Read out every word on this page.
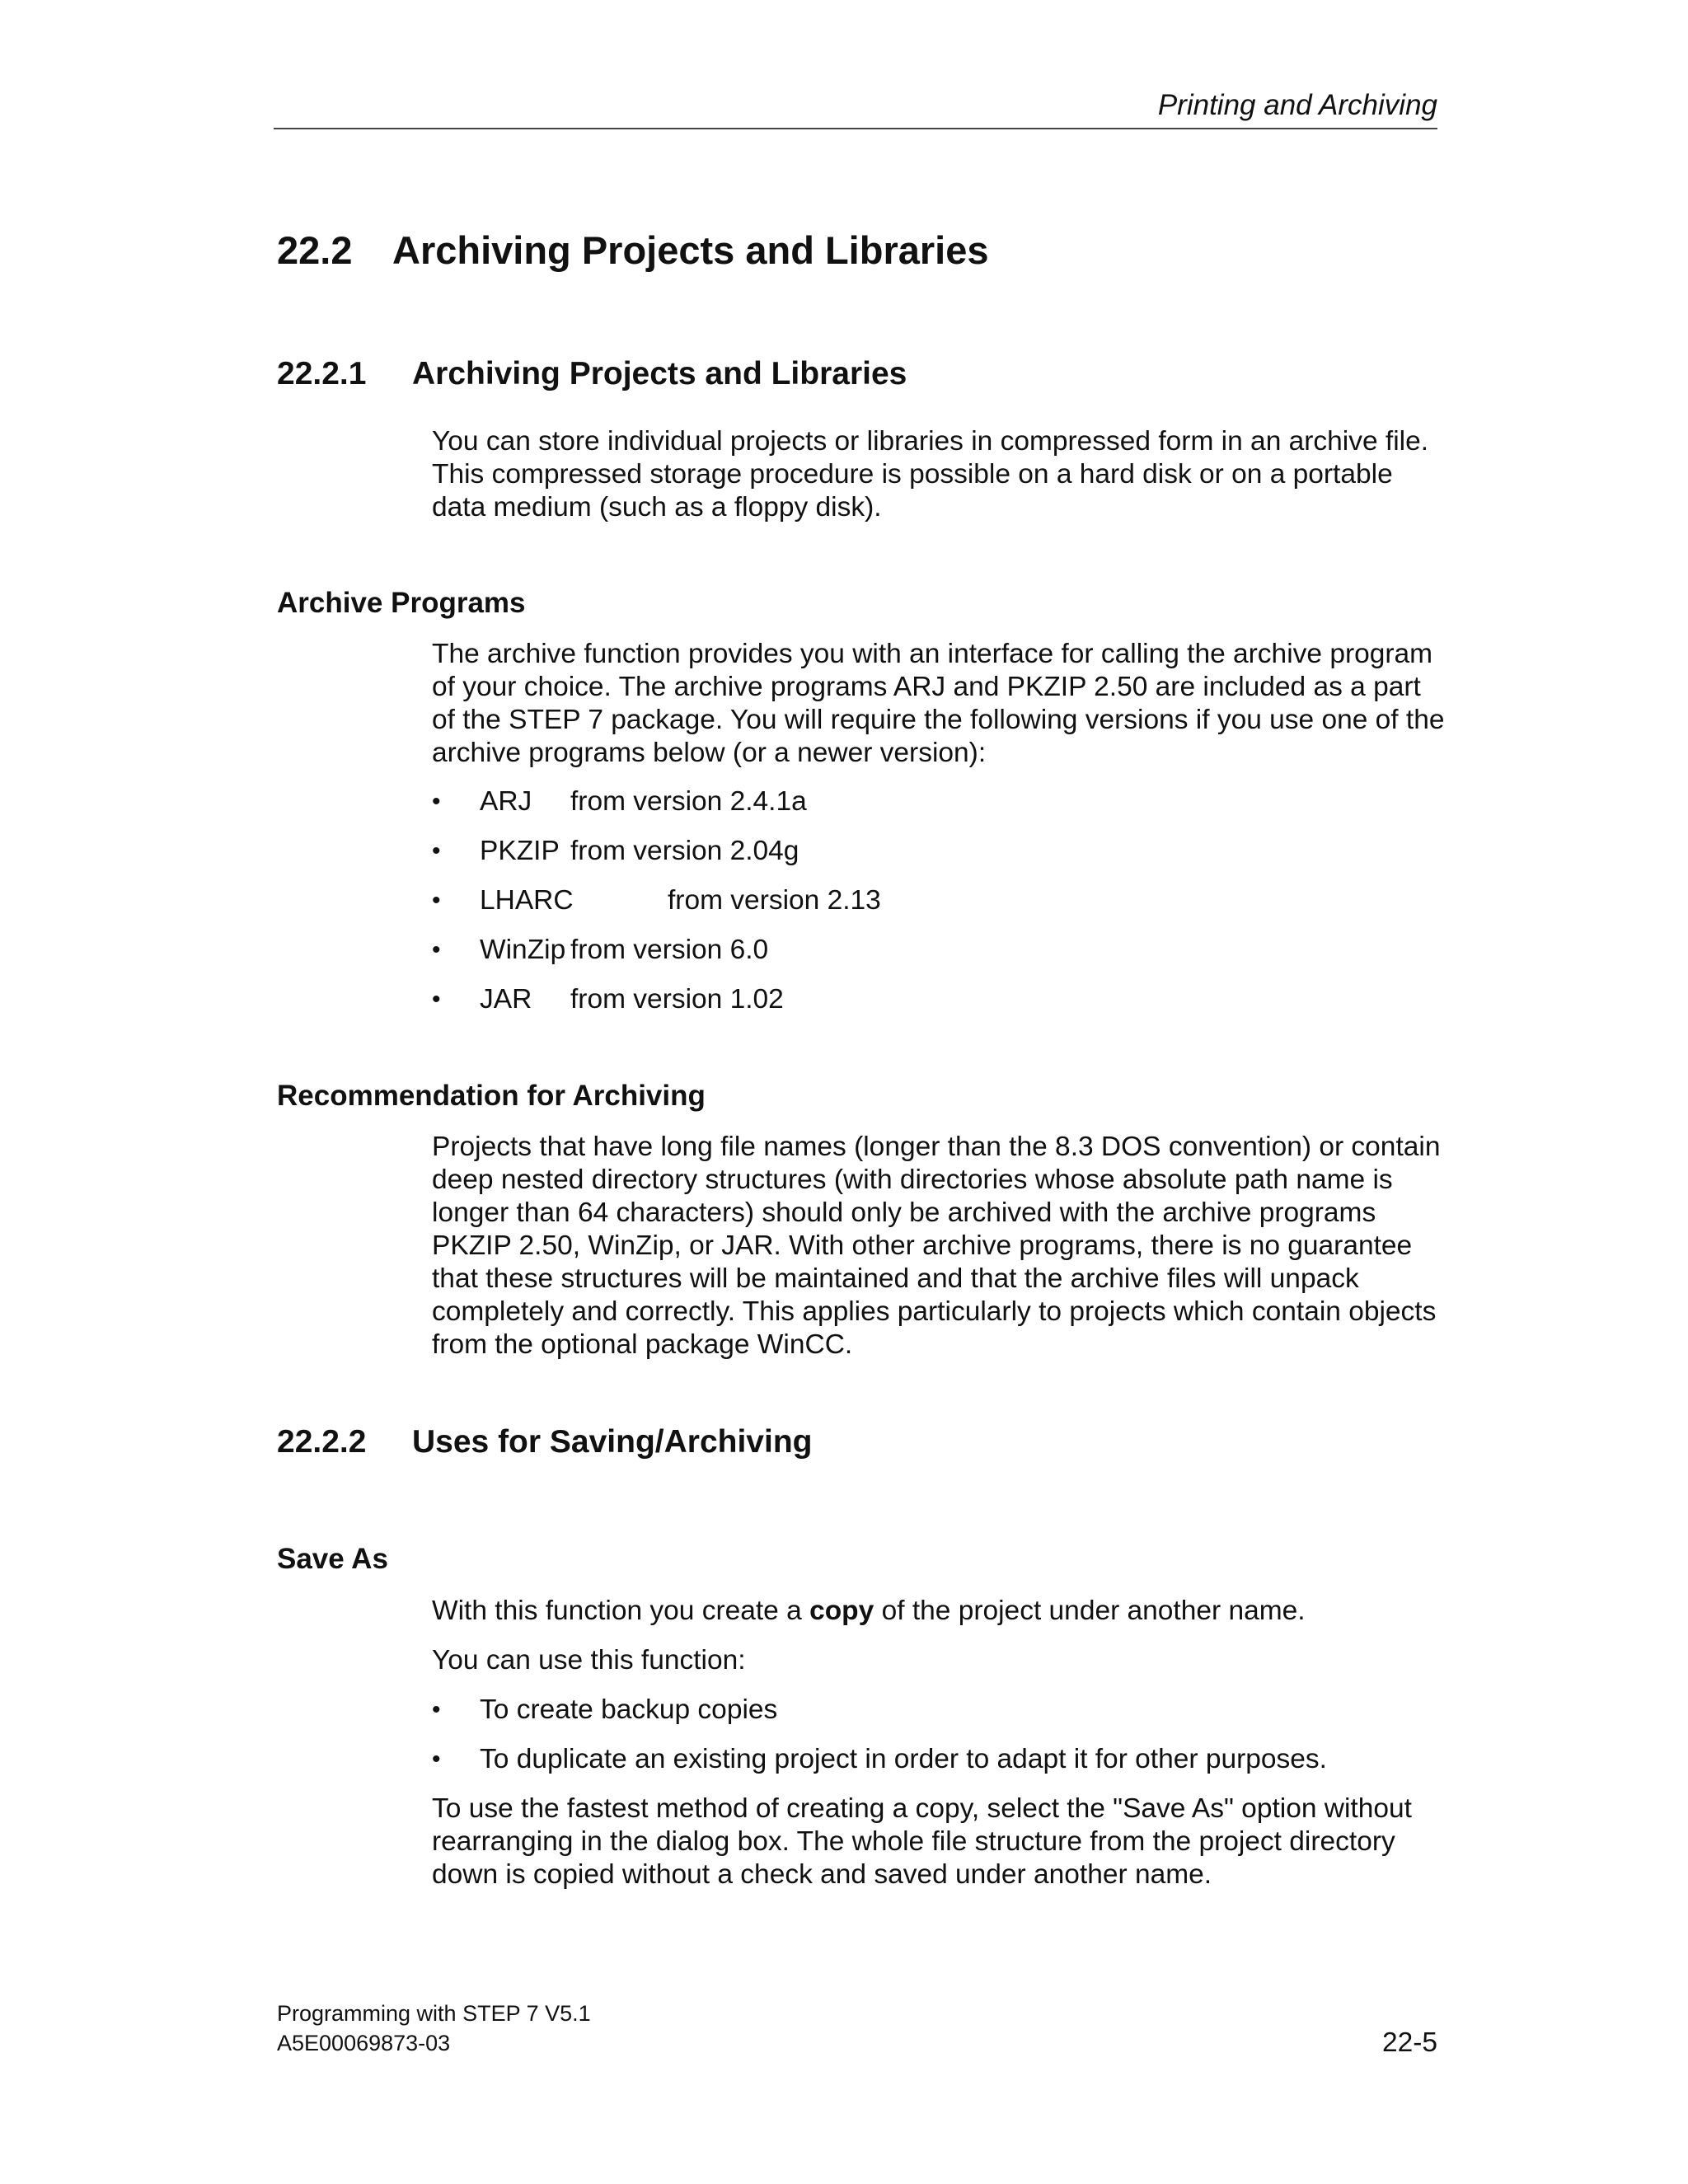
Printing and Archiving
22.2 Archiving Projects and Libraries
22.2.1 Archiving Projects and Libraries
You can store individual projects or libraries in compressed form in an archive file.
This compressed storage procedure is possible on a hard disk or on a portable
data medium (such as a floppy disk).
Archive Programs
The archive function provides you with an interface for calling the archive program
of your choice. The archive programs ARJ and PKZIP 2.50 are included as a part
of the STEP 7 package. You will require the following versions if you use one of the
archive programs below (or a newer version):
• ARJ from version 2.4.1a
• PKZIP from version 2.04g
• LHARC	from version 2.13
• WinZip from version 6.0
• JAR from version 1.02
Recommendation for Archiving
Projects that have long file names (longer than the 8.3 DOS convention) or contain
deep nested directory structures (with directories whose absolute path name is
longer than 64 characters) should only be archived with the archive programs
PKZIP 2.50, WinZip, or JAR. With other archive programs, there is no guarantee
that these structures will be maintained and that the archive files will unpack
completely and correctly. This applies particularly to projects which contain objects
from the optional package WinCC.
22.2.2 Uses for Saving/Archiving
Save As
With this function you create a copy of the project under another name.
You can use this function:
• To create backup copies
• To duplicate an existing project in order to adapt it for other purposes.
To use the fastest method of creating a copy, select the "Save As" option without
rearranging in the dialog box. The whole file structure from the project directory
down is copied without a check and saved under another name.
Programming with STEP 7 V5.1
A5E00069873-03	22-5
